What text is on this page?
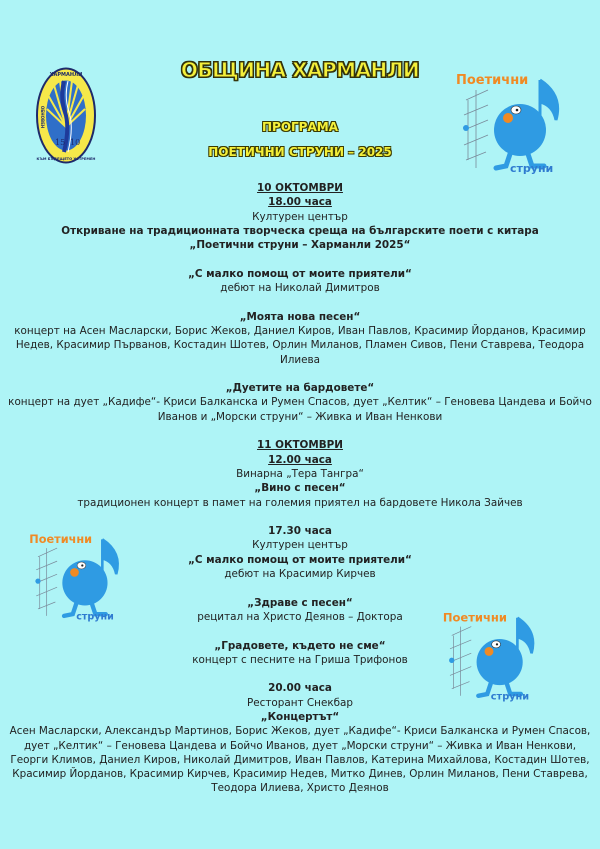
15 10
ХАРМАНЛИ
КЪМ БЪДЕЩЕТО УСТРЕМЕН
ОБНОВЕН
ОБЩИНА ХАРМАНЛИ
ПРОГРАМА
ПОЕТИЧНИ СТРУНИ – 2025
Поетични
струни
Поетични
струни	Поетични
струни

10 ОКТОМВРИ

18.00 часа

Културен център

Откриване на традиционната творческа среща на българските поети с китара

„Поетични струни – Харманли 2025“

„С малко помощ от моите приятели“

дебют на Николай Димитров

„Моята нова песен“

концерт на Асен Масларски, Борис Жеков, Даниел Киров, Иван Павлов, Красимир Йорданов, Красимир Недев, Красимир Първанов, Костадин Шотев, Орлин Миланов, Пламен Сивов, Пени Ставрева, Теодора Илиева

„Дуетите на бардовете“

концерт на дует „Кадифе“- Криси Балканска и Румен Спасов, дует „Келтик“ – Геновева Цандева и Бойчо Иванов и „Морски струни“ – Живка и Иван Ненкови

11 ОКТОМВРИ

12.00 часа

Винарна „Тера Тангра“

„Вино с песен“

традиционен концерт в памет на големия приятел на бардовете Никола Зайчев

17.30 часа

Културен център

„С малко помощ от моите приятели“

дебют на Красимир Кирчев

„Здраве с песен“

рецитал на Христо Деянов – Доктора

„Градовете, където не сме“

концерт с песните на Гриша Трифонов

20.00 часа

Ресторант Снекбар

„Концертът“

Асен Масларски, Александър Мартинов, Борис Жеков, дует „Кадифе“- Криси Балканска и Румен Спасов, дует „Келтик“ – Геновева Цандева и Бойчо Иванов, дует „Морски струни“ – Живка и Иван Ненкови, Георги Климов, Даниел Киров, Николай Димитров, Иван Павлов, Катерина Михайлова, Костадин Шотев, Красимир Йорданов, Красимир Кирчев, Красимир Недев, Митко Динев, Орлин Миланов, Пени Ставрева, Теодора Илиева, Христо Деянов
